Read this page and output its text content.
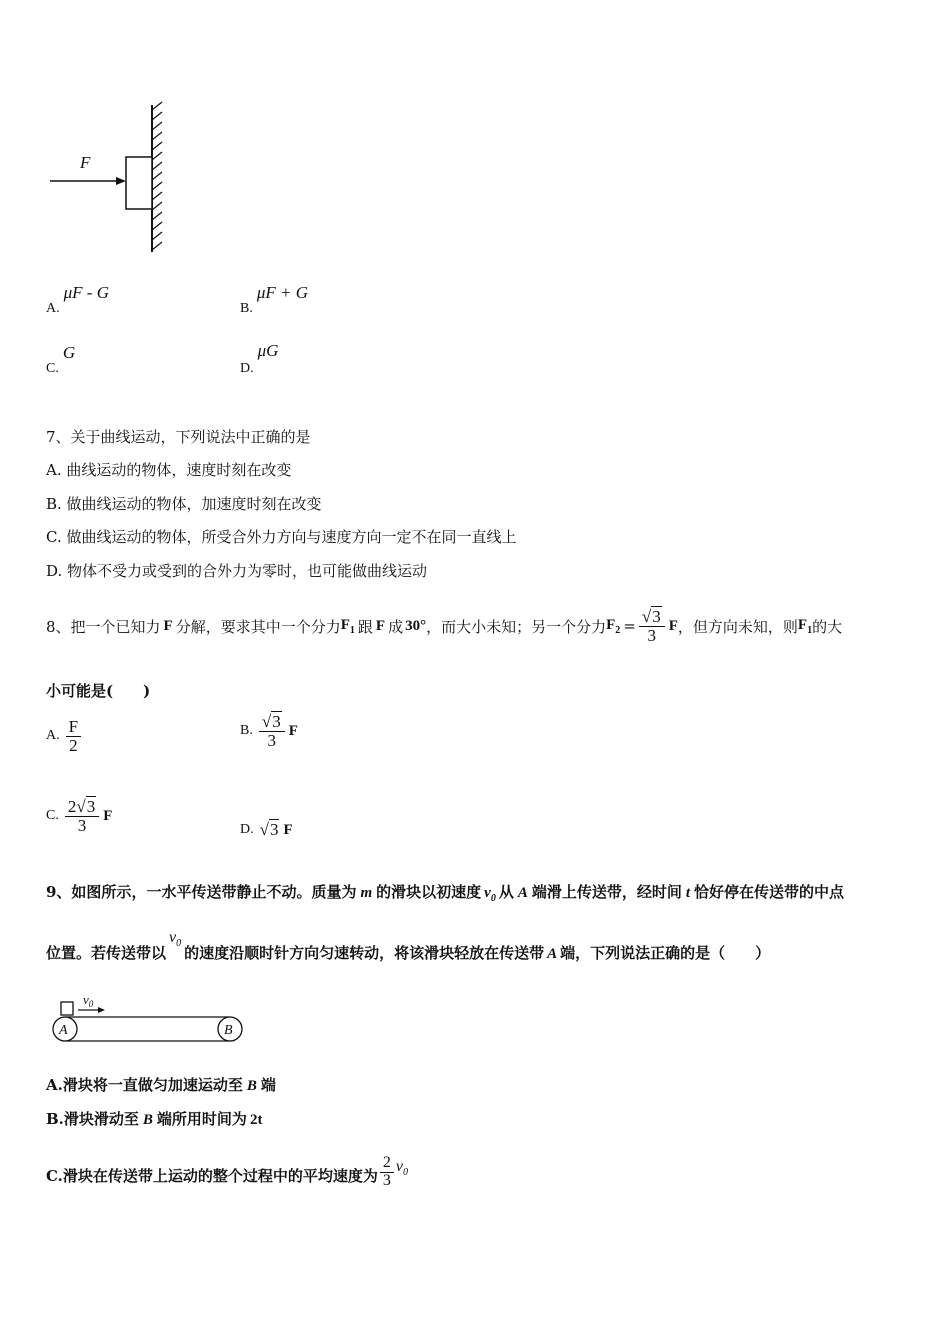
F
A.μF - G
B.μF + G
C.G
D.μG
7、关于曲线运动，下列说法中正确的是
A. 曲线运动的物体，速度时刻在改变
B. 做曲线运动的物体，加速度时刻在改变
C. 做曲线运动的物体，所受合外力方向与速度方向一定不在同一直线上
D. 物体不受力或受到的合外力为零时，也可能做曲线运动
8、把一个已知力 F 分解，要求其中一个分力 $F_1$ 跟 F 成 30° ，而大小未知；另一个分力 $F_2 = \frac{√3}{3}$ F ，但方向未知，则 $F_1$ 的大
小可能是(　　)
A. $\frac{F}{2}$	B. $\frac{√3}{3}$ F
C. $\frac{2√3}{3}$ F
D. √3 F
9、如图所示，一水平传送带静止不动。质量为 m 的滑块以初速度 $v_0$ 从 A 端滑上传送带，经时间 t 恰好停在传送带的中点
位置。若传送带以
$v_0$
的速度沿顺时针方向匀速转动，将该滑块轻放在传送带 A 端，下列说法正确的是（　　）
$v_0$
A	B
A.滑块将一直做匀加速运动至 B 端
B.滑块滑动至 B 端所用时间为 2t
C.滑块在传送带上运动的整个过程中的平均速度为 $\frac{2}{3} v_0$
